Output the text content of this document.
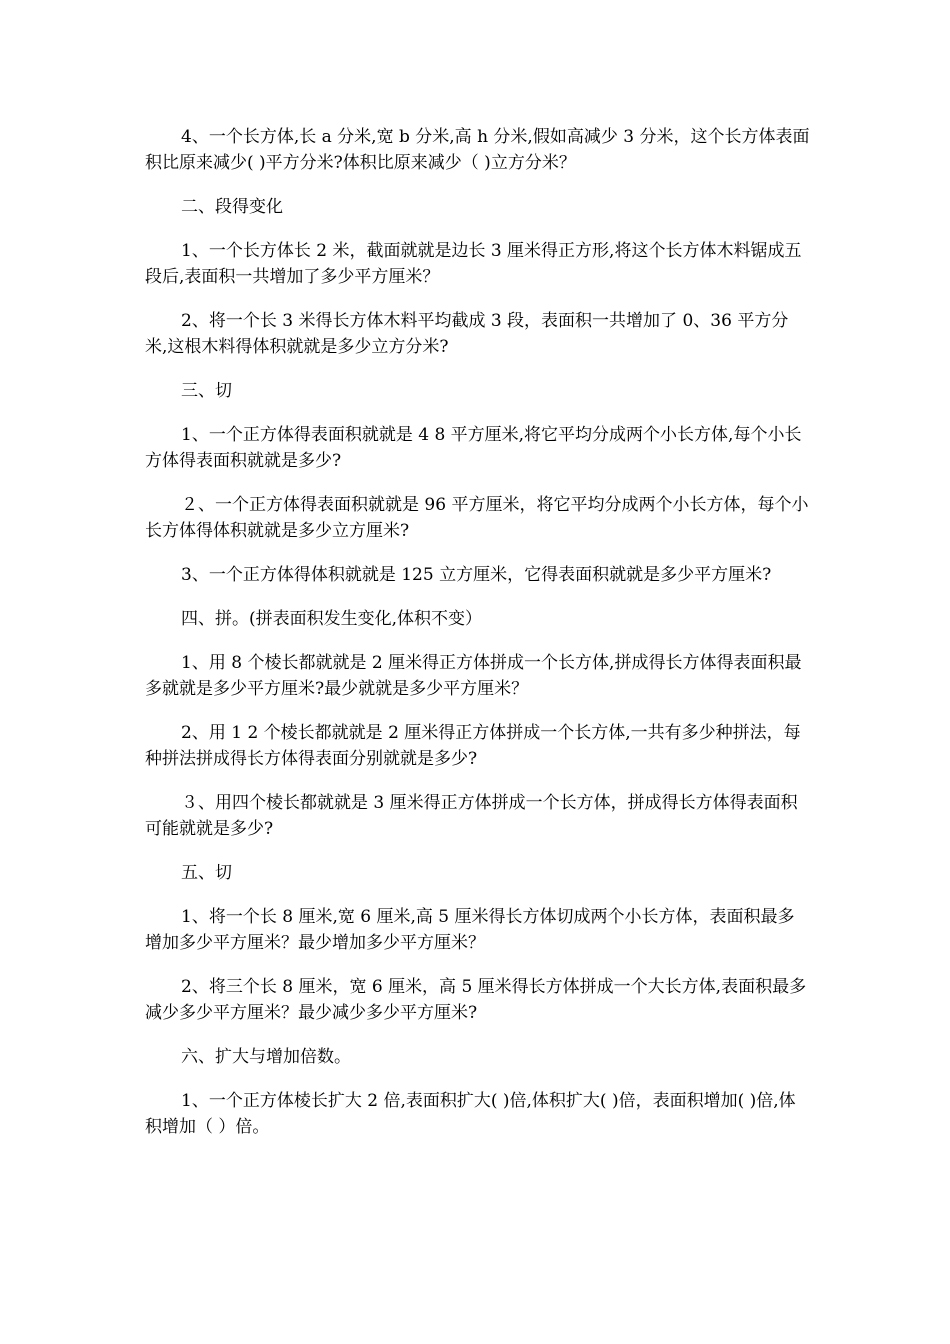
4、一个长方体,长 a 分米,宽 b 分米,高 h 分米,假如高减少 3 分米，这个长方体表面积比原来减少( )平方分米?体积比原来减少（ )立方分米？

二、段得变化

1、一个长方体长 2 米，截面就就是边长 3 厘米得正方形,将这个长方体木料锯成五段后,表面积一共增加了多少平方厘米？

2、将一个长 3 米得长方体木料平均截成 3 段，表面积一共增加了 0、36 平方分米,这根木料得体积就就是多少立方分米?

三、切

1、一个正方体得表面积就就是 4 8 平方厘米,将它平均分成两个小长方体,每个小长方体得表面积就就是多少?

２、一个正方体得表面积就就是 96 平方厘米，将它平均分成两个小长方体，每个小长方体得体积就就是多少立方厘米?

3、一个正方体得体积就就是 125 立方厘米，它得表面积就就是多少平方厘米?

四、拼。(拼表面积发生变化,体积不变）

1、用 8 个棱长都就就是 2 厘米得正方体拼成一个长方体,拼成得长方体得表面积最多就就是多少平方厘米?最少就就是多少平方厘米？

2、用 1 2 个棱长都就就是 2 厘米得正方体拼成一个长方体,一共有多少种拼法，每种拼法拼成得长方体得表面分别就就是多少?

３、用四个棱长都就就是 3 厘米得正方体拼成一个长方体，拼成得长方体得表面积可能就就是多少?

五、切

1、将一个长 8 厘米,宽 6 厘米,高 5 厘米得长方体切成两个小长方体，表面积最多增加多少平方厘米？最少增加多少平方厘米？

2、将三个长 8 厘米，宽 6 厘米，高 5 厘米得长方体拼成一个大长方体,表面积最多减少多少平方厘米？最少减少多少平方厘米?

六、扩大与增加倍数。

1、一个正方体棱长扩大 2 倍,表面积扩大( )倍,体积扩大( )倍，表面积增加( )倍,体积增加（ ）倍。
